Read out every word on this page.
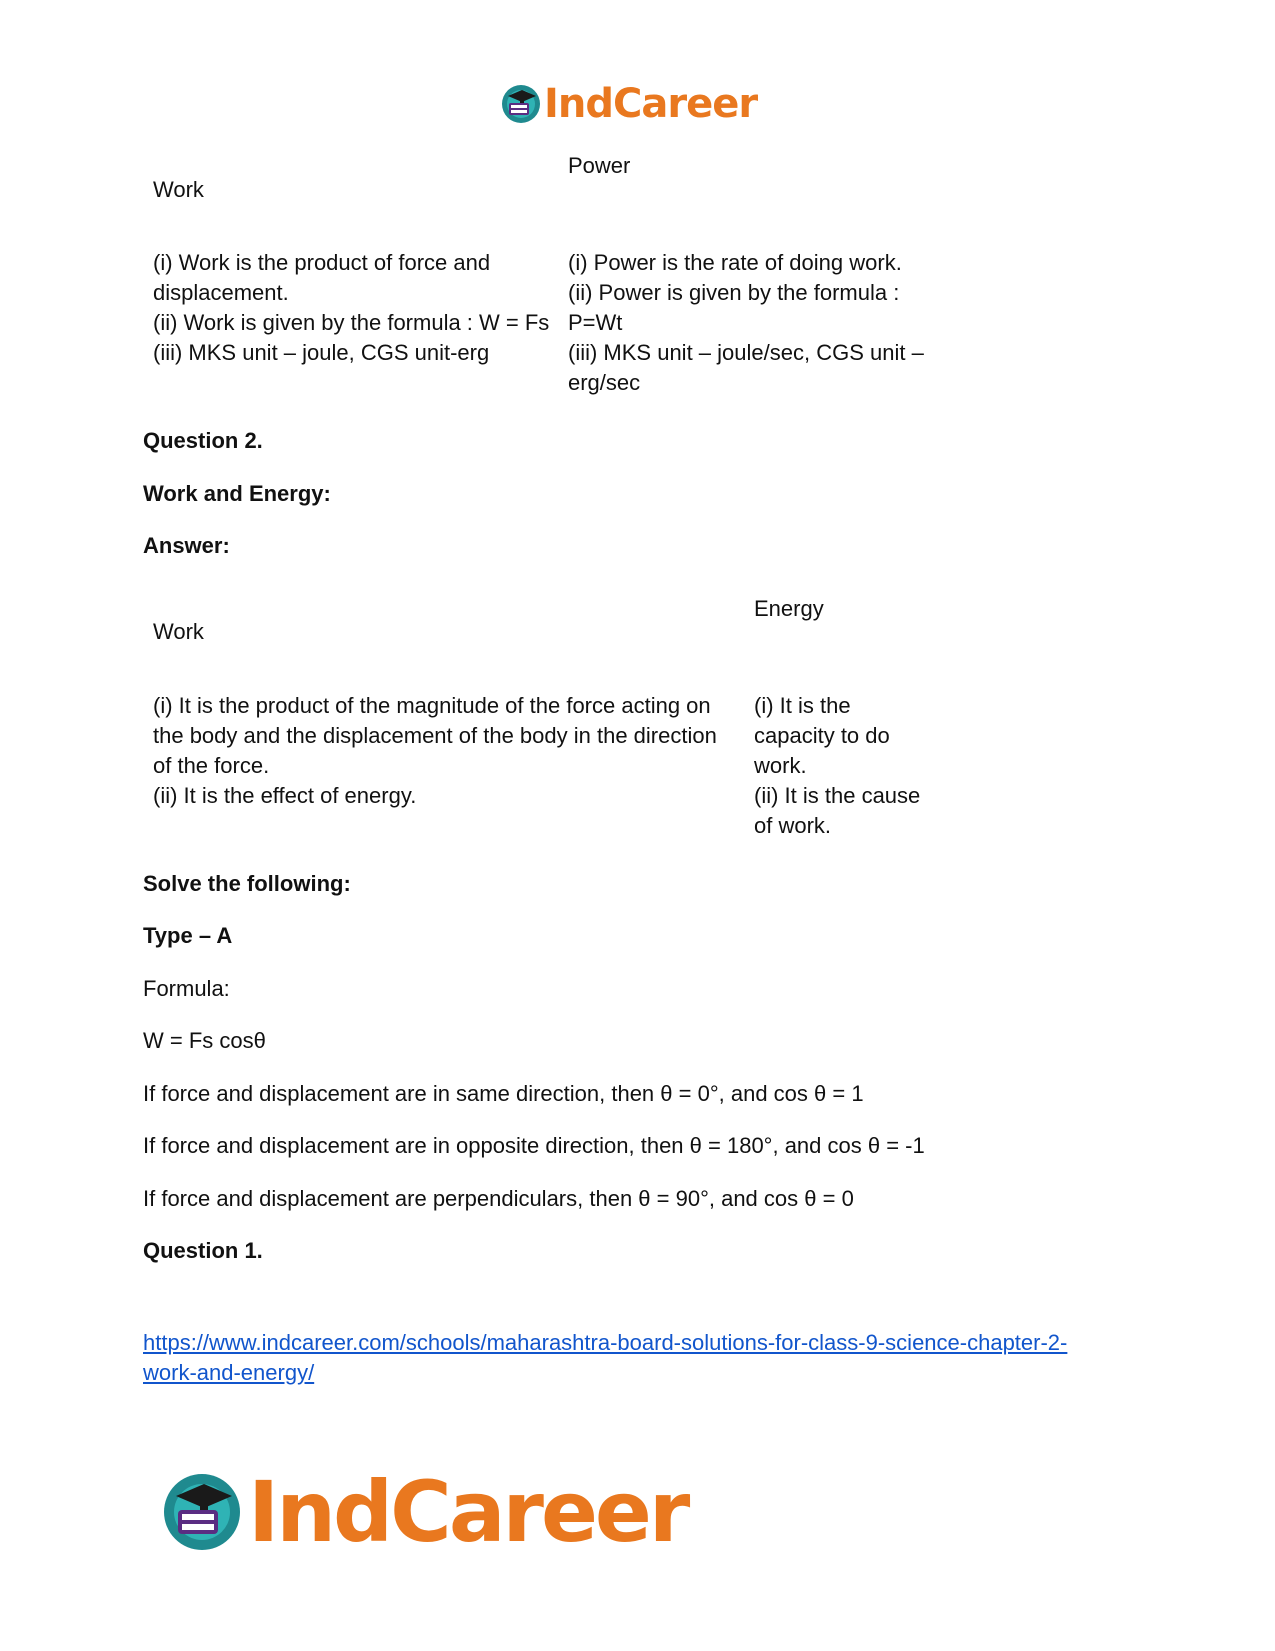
IndCareer
Work
Power
(i) Work is the product of force and
displacement.
(ii) Work is given by the formula : W = Fs
(iii) MKS unit – joule, CGS unit-erg
(i) Power is the rate of doing work.
(ii) Power is given by the formula :
P=Wt
(iii) MKS unit – joule/sec, CGS unit –
erg/sec
Question 2.
Work and Energy:
Answer:
Work
Energy
(i) It is the product of the magnitude of the force acting on
the body and the displacement of the body in the direction
of the force.
(ii) It is the effect of energy.
(i) It is the
capacity to do
work.
(ii) It is the cause
of work.
Solve the following:
Type – A
Formula:
W = Fs cosθ
If force and displacement are in same direction, then θ = 0°, and cos θ = 1
If force and displacement are in opposite direction, then θ = 180°, and cos θ = -1
If force and displacement are perpendiculars, then θ = 90°, and cos θ = 0
Question 1.
https://www.indcareer.com/schools/maharashtra-board-solutions-for-class-9-science-chapter-2-
work-and-energy/
IndCareer
